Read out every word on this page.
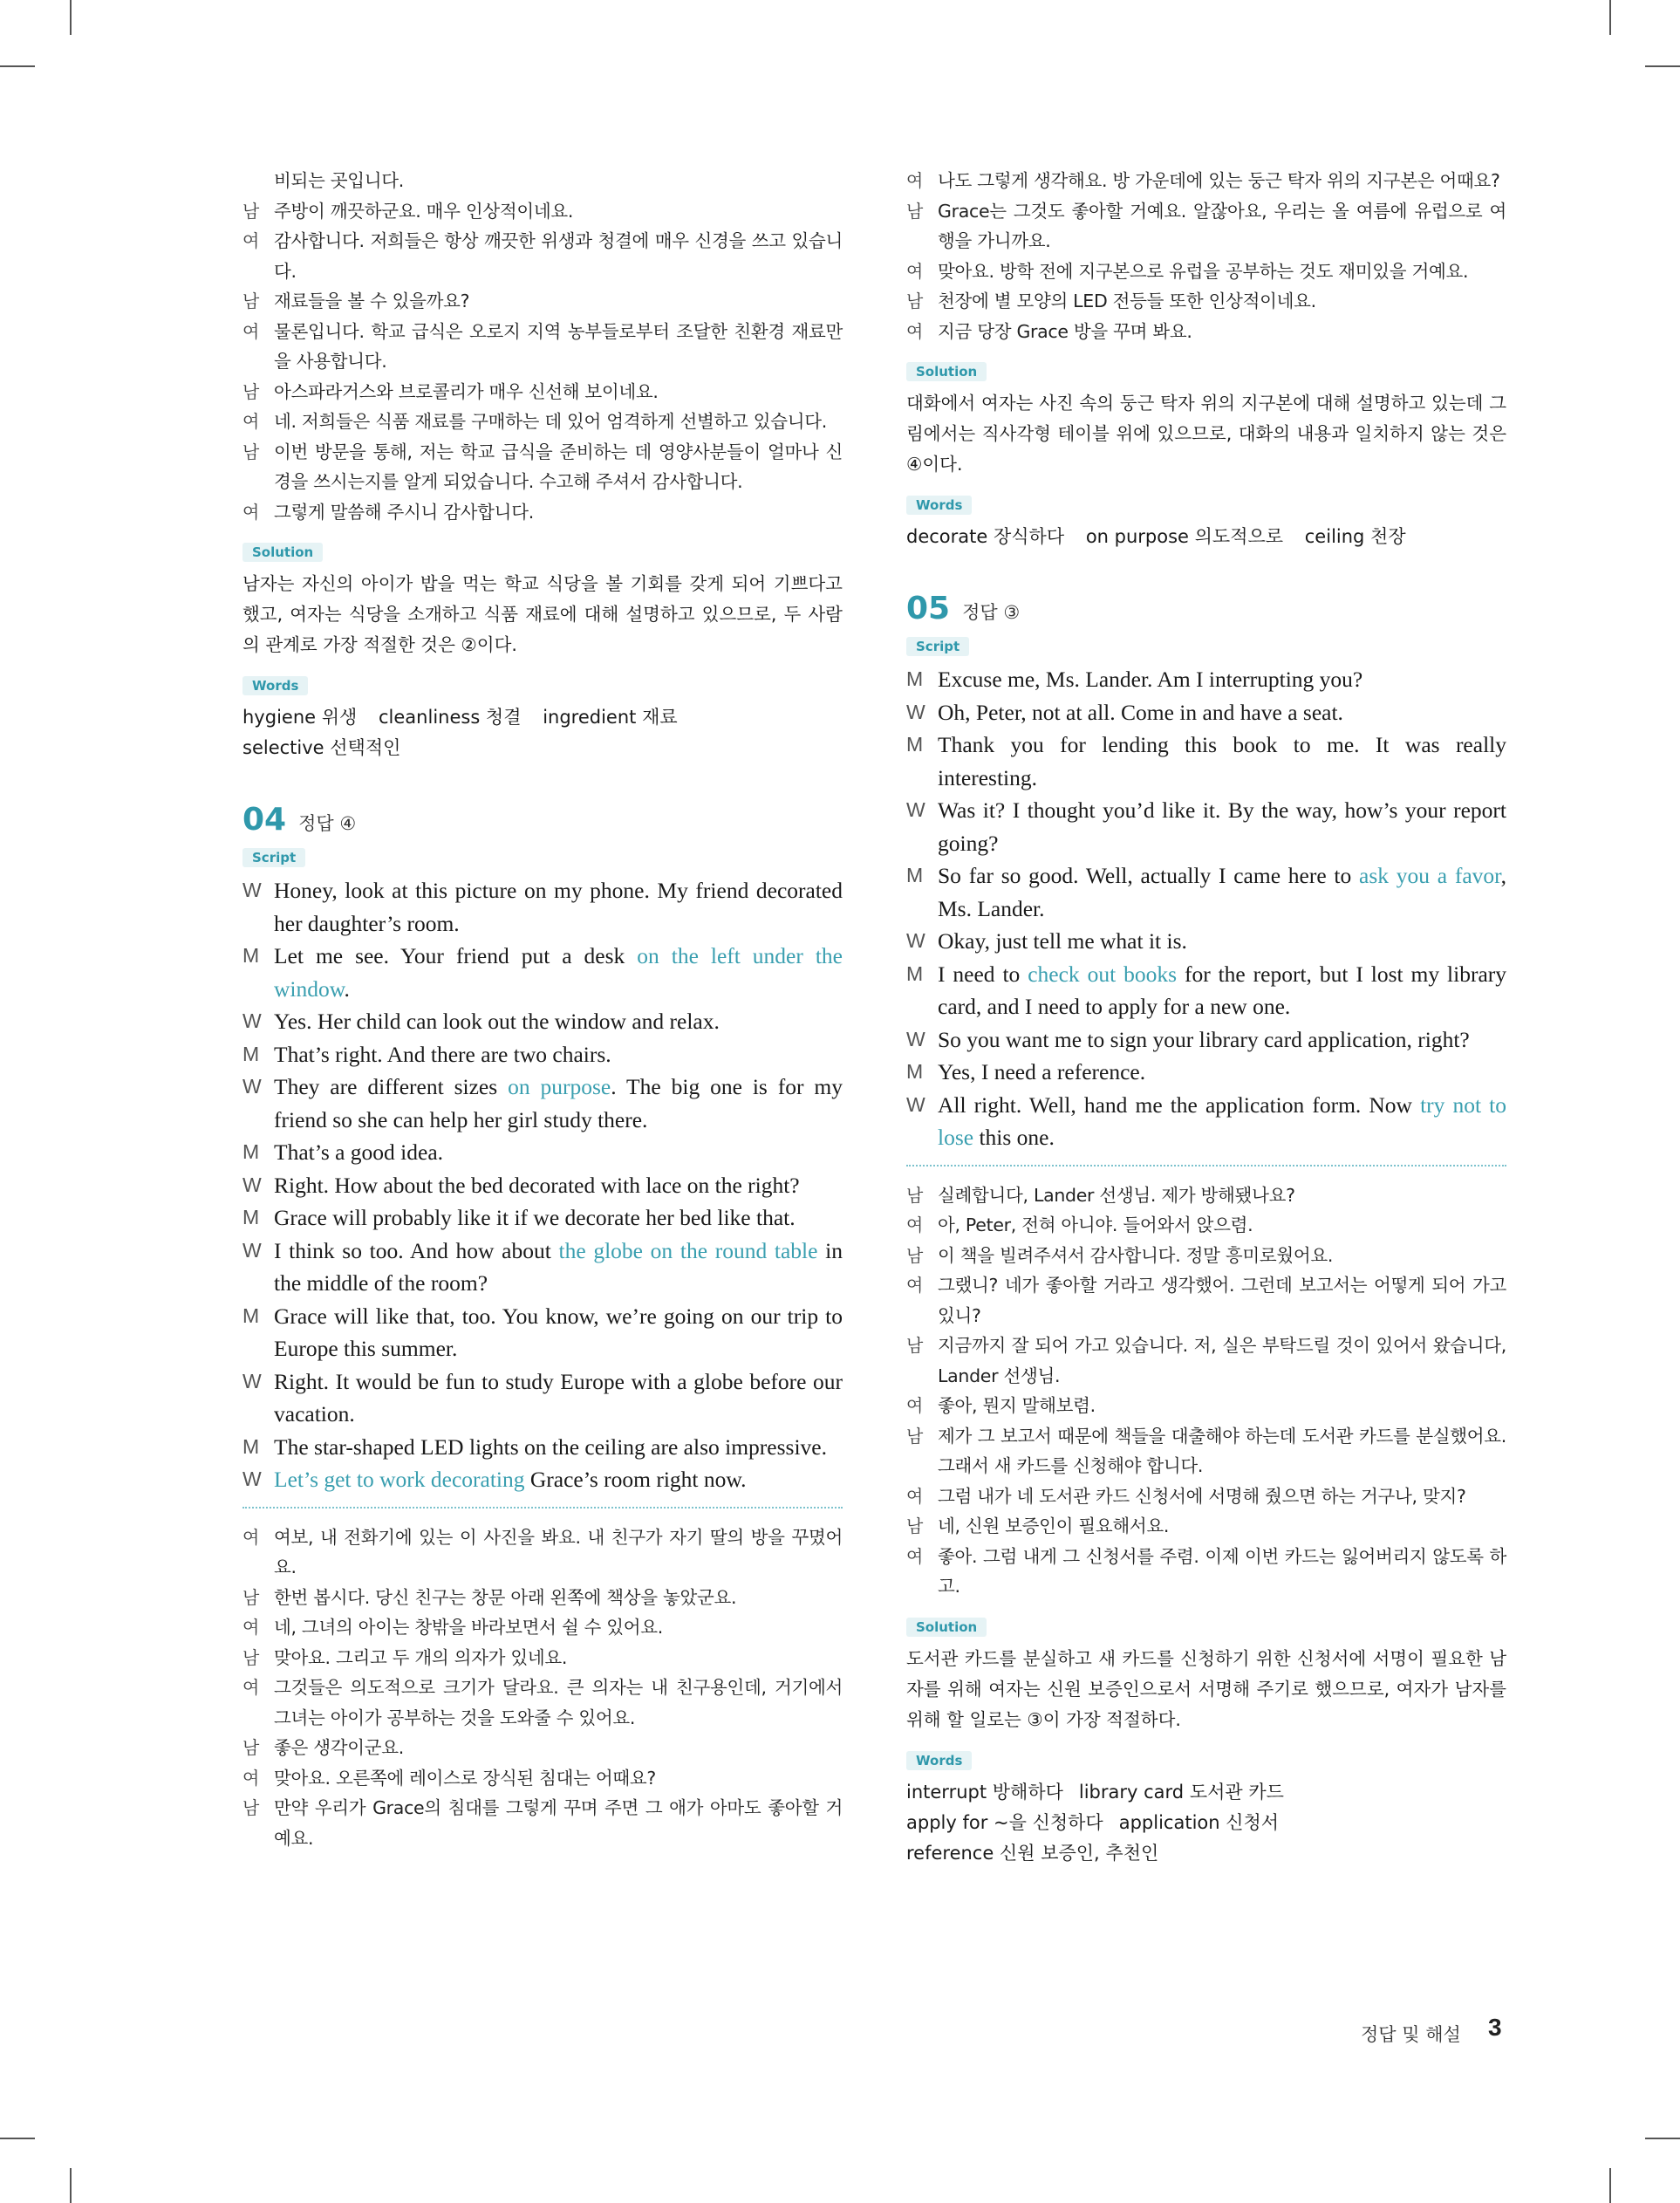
비되는 곳입니다.
남 주방이 깨끗하군요. 매우 인상적이네요.
여 감사합니다. 저희들은 항상 깨끗한 위생과 청결에 매우 신경을 쓰고 있습니다.
남 재료들을 볼 수 있을까요?
여 물론입니다. 학교 급식은 오로지 지역 농부들로부터 조달한 친환경 재료만을 사용합니다.
남 아스파라거스와 브로콜리가 매우 신선해 보이네요.
여 네. 저희들은 식품 재료를 구매하는 데 있어 엄격하게 선별하고 있습니다.
남 이번 방문을 통해, 저는 학교 급식을 준비하는 데 영양사분들이 얼마나 신경을 쓰시는지를 알게 되었습니다. 수고해 주셔서 감사합니다.
여 그렇게 말씀해 주시니 감사합니다.
Solution
남자는 자신의 아이가 밥을 먹는 학교 식당을 볼 기회를 갖게 되어 기쁘다고 했고, 여자는 식당을 소개하고 식품 재료에 대해 설명하고 있으므로, 두 사람의 관계로 가장 적절한 것은 ②이다.
Words
hygiene 위생 cleanliness 청결 ingredient 재료 selective 선택적인
04 정답 ④
Script
W Honey, look at this picture on my phone. My friend decorated her daughter’s room.
M Let me see. Your friend put a desk on the left under the window.
W Yes. Her child can look out the window and relax.
M That’s right. And there are two chairs.
W They are different sizes on purpose. The big one is for my friend so she can help her girl study there.
M That’s a good idea.
W Right. How about the bed decorated with lace on the right?
M Grace will probably like it if we decorate her bed like that.
W I think so too. And how about the globe on the round table in the middle of the room?
M Grace will like that, too. You know, we’re going on our trip to Europe this summer.
W Right. It would be fun to study Europe with a globe before our vacation.
M The star-shaped LED lights on the ceiling are also impressive.
W Let’s get to work decorating Grace’s room right now.
여 여보, 내 전화기에 있는 이 사진을 봐요. 내 친구가 자기 딸의 방을 꾸몄어요.
남 한번 봅시다. 당신 친구는 창문 아래 왼쪽에 책상을 놓았군요.
여 네, 그녀의 아이는 창밖을 바라보면서 쉴 수 있어요.
남 맞아요. 그리고 두 개의 의자가 있네요.
여 그것들은 의도적으로 크기가 달라요. 큰 의자는 내 친구용인데, 거기에서 그녀는 아이가 공부하는 것을 도와줄 수 있어요.
남 좋은 생각이군요.
여 맞아요. 오른쪽에 레이스로 장식된 침대는 어때요?
남 만약 우리가 Grace의 침대를 그렇게 꾸며 주면 그 애가 아마도 좋아할 거예요.
여 나도 그렇게 생각해요. 방 가운데에 있는 둥근 탁자 위의 지구본은 어때요?
남 Grace는 그것도 좋아할 거예요. 알잖아요, 우리는 올 여름에 유럽으로 여행을 가니까요.
여 맞아요. 방학 전에 지구본으로 유럽을 공부하는 것도 재미있을 거예요.
남 천장에 별 모양의 LED 전등들 또한 인상적이네요.
여 지금 당장 Grace 방을 꾸며 봐요.
Solution
대화에서 여자는 사진 속의 둥근 탁자 위의 지구본에 대해 설명하고 있는데 그림에서는 직사각형 테이블 위에 있으므로, 대화의 내용과 일치하지 않는 것은 ④이다.
Words
decorate 장식하다 on purpose 의도적으로 ceiling 천장
05 정답 ③
Script
M Excuse me, Ms. Lander. Am I interrupting you?
W Oh, Peter, not at all. Come in and have a seat.
M Thank you for lending this book to me. It was really interesting.
W Was it? I thought you’d like it. By the way, how’s your report going?
M So far so good. Well, actually I came here to ask you a favor, Ms. Lander.
W Okay, just tell me what it is.
M I need to check out books for the report, but I lost my library card, and I need to apply for a new one.
W So you want me to sign your library card application, right?
M Yes, I need a reference.
W All right. Well, hand me the application form. Now try not to lose this one.
남 실례합니다, Lander 선생님. 제가 방해됐나요?
여 아, Peter, 전혀 아니야. 들어와서 앉으렴.
남 이 책을 빌려주셔서 감사합니다. 정말 흥미로웠어요.
여 그랬니? 네가 좋아할 거라고 생각했어. 그런데 보고서는 어떻게 되어 가고 있니?
남 지금까지 잘 되어 가고 있습니다. 저, 실은 부탁드릴 것이 있어서 왔습니다, Lander 선생님.
여 좋아, 뭔지 말해보렴.
남 제가 그 보고서 때문에 책들을 대출해야 하는데 도서관 카드를 분실했어요. 그래서 새 카드를 신청해야 합니다.
여 그럼 내가 네 도서관 카드 신청서에 서명해 줬으면 하는 거구나, 맞지?
남 네, 신원 보증인이 필요해서요.
여 좋아. 그럼 내게 그 신청서를 주렴. 이제 이번 카드는 잃어버리지 않도록 하고.
Solution
도서관 카드를 분실하고 새 카드를 신청하기 위한 신청서에 서명이 필요한 남자를 위해 여자는 신원 보증인으로서 서명해 주기로 했으므로, 여자가 남자를 위해 할 일로는 ③이 가장 적절하다.
Words
interrupt 방해하다 library card 도서관 카드
apply for ~을 신청하다 application 신청서
reference 신원 보증인, 추천인
정답 및 해설 3
